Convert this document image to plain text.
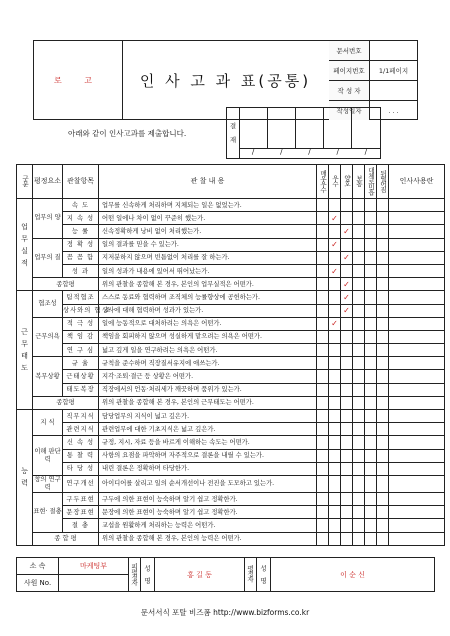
로 고	인 사 고 과 표(공통)
문서번호	
페이지번호	1/1페이지
작 성 자	
작성일자	. . .
아래와 같이 인사고과를 제출합니다.
결
재
/	/	/	/	/
구분	평정요소	관찰항목	관 찰 내 용	매우우수	우수	양호	보통	대체로미흡	뒤떨어짐	인사사용란
업 무 실 적	업무의 양	속 도	업무를 신속하게 처리하며 지체되는 일은 없었는가.							
		지 속 성	어떤 일에나 차이 없이 꾸준히 했는가.		✓					
		능 률	신속정확하게 낭비 없이 처리했는가.			✓				
	업무의 질	정 확 성	일의 결과를 믿을 수 있는가.		✓					
		꼼 꼼 함	지저분하지 않으며 빈틈없이 처리를 잘 하는가.			✓				
		성 과	일의 성과가 내용에 있어서 뛰어났는가.		✓					
	종합평		위의 관찰을 종합해 본 경우, 본인의 업무실적은 어떤가.			✓				
근 무 태 도	협조성	팀적협조	스스로 동료와 협력하며 조직체의 능률향상에 공헌하는가.			✓				
		상사와의 협 조	상사에 대해 협력하며 성과가 있는가.			✓				
	근무의욕	적 극 성	일에 능동적으로 대처하려는 의욕은 어떤가.		✓					
		책 임 감	책임을 회피하지 않으며 성실하게 맡으려는 의욕은 어떤가.							
		연 구 심	넓고 깊게 일을 연구하려는 의욕은 어떤가.							
	복무상황	규 율	규칙을 준수하며 직장질서유지에 애쓰는가.							
		근태상황	지각·조퇴·결근 등 상황은 어떤가.							
		태도복장	직장에서의 언동·처리세가 깨끗하며 품위가 있는가.							
	종합평		위의 관찰을 종합해 본 경우, 본인의 근무태도는 어떤가.							
능 력	지 식	직무지식	담당업무의 지식이 넓고 깊은가.							
		관련지식	관련업무에 대한 기초지식은 넓고 깊은가.							
	이해 판단력	신 속 성	규정, 지시, 자료 등을 바르게 이해하는 속도는 어떤가.							
		통 찰 력	사항의 요점을 파악하며 자주적으로 결론을 내릴 수 있는가.							
		타 당 성	내린 결론은 정확하며 타당한가.							
	창의 연구력	연구개선	아이디어를 살리고 일의 순서개선이나 전진을 도모하고 있는가.							
	표현· 절충	구두표현	구두에 의한 표현이 능숙하며 알기 쉽고 정확한가.							
		문장표현	문장에 의한 표현이 능숙하며 알기 쉽고 정확한가.							
		절 충	교섭을 원활하게 처리하는 능력은 어떤가.							
	종 합 평		위의 관찰을 종합해 본 경우, 본인의 능력은 어떤가.							
소 속	마케팅부	피평정자	성 명	홍 길 동	평정자	성 명	이 순 신
사원 No.							
문서서식 포탈 비즈폼 http://www.bizforms.co.kr
